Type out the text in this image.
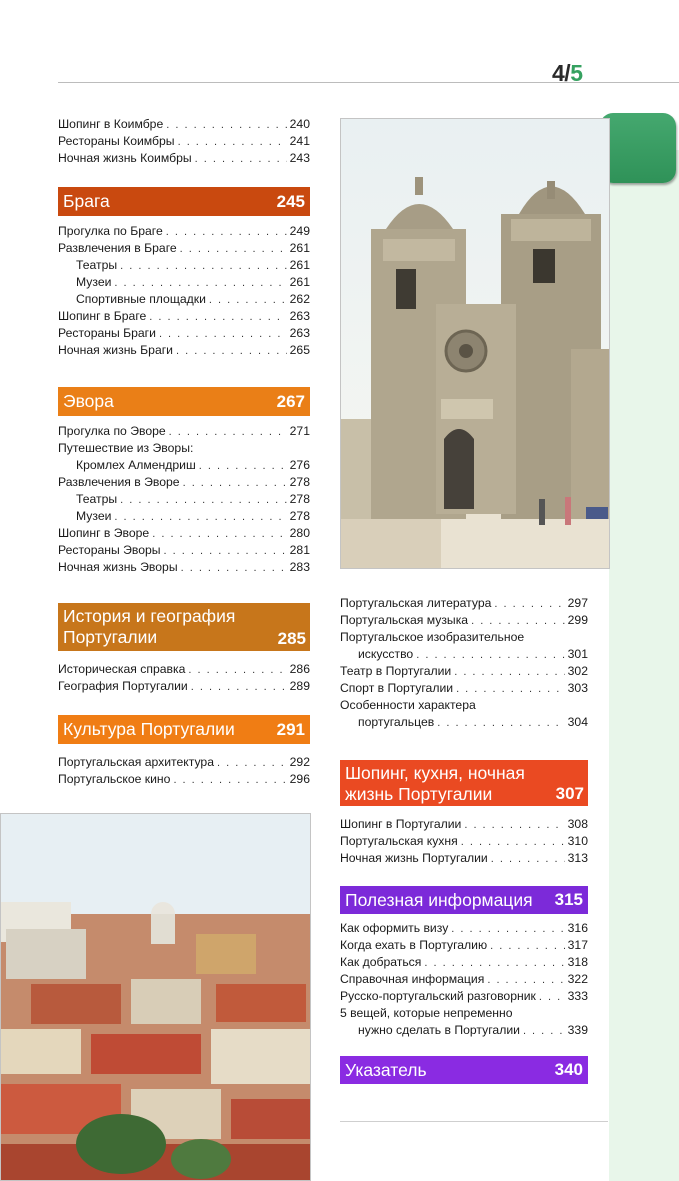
4/5
Шопинг в Коимбре . . .	240
Рестораны Коимбры . . .	241
Ночная жизнь Коимбры . . .	243
Брага	245
Прогулка по Браге . . .	249
Развлечения в Браге . . .	261
Театры . . .	261
Музеи . . .	261
Спортивные площадки . . .	262
Шопинг в Браге . . .	263
Рестораны Браги . . .	263
Ночная жизнь Браги . . .	265
Эвора	267
Прогулка по Эворе . . .	271
Путешествие из Эворы:
Кромлех Алмендриш . . .	276
Развлечения в Эворе . . .	278
Театры . . .	278
Музеи . . .	278
Шопинг в Эворе . . .	280
Рестораны Эворы . . .	281
Ночная жизнь Эворы . . .	283
История и география
Португалии	285
Историческая справка . . .	286
География Португалии . . .	289
Культура Португалии 291
Португальская архитектура . . .	292
Португальское кино . . .	296
Португальская литература . . .	297
Португальская музыка . . .	299
Португальское изобразительное
искусство . . .	301
Театр в Португалии . . .	302
Спорт в Португалии . . .	303
Особенности характера
португальцев . . .	304
Шопинг, кухня, ночная
жизнь Португалии	307
Шопинг в Португалии . . .	308
Португальская кухня . . .	310
Ночная жизнь Португалии . . .	313
Полезная информация 315
Как оформить визу . . .	316
Когда ехать в Португалию . . .	317
Как добраться . . .	318
Справочная информация . . .	322
Русско-португальский разговорник . . .	333
5 вещей, которые непременно
нужно сделать в Португалии . . .	339
Указатель	340
